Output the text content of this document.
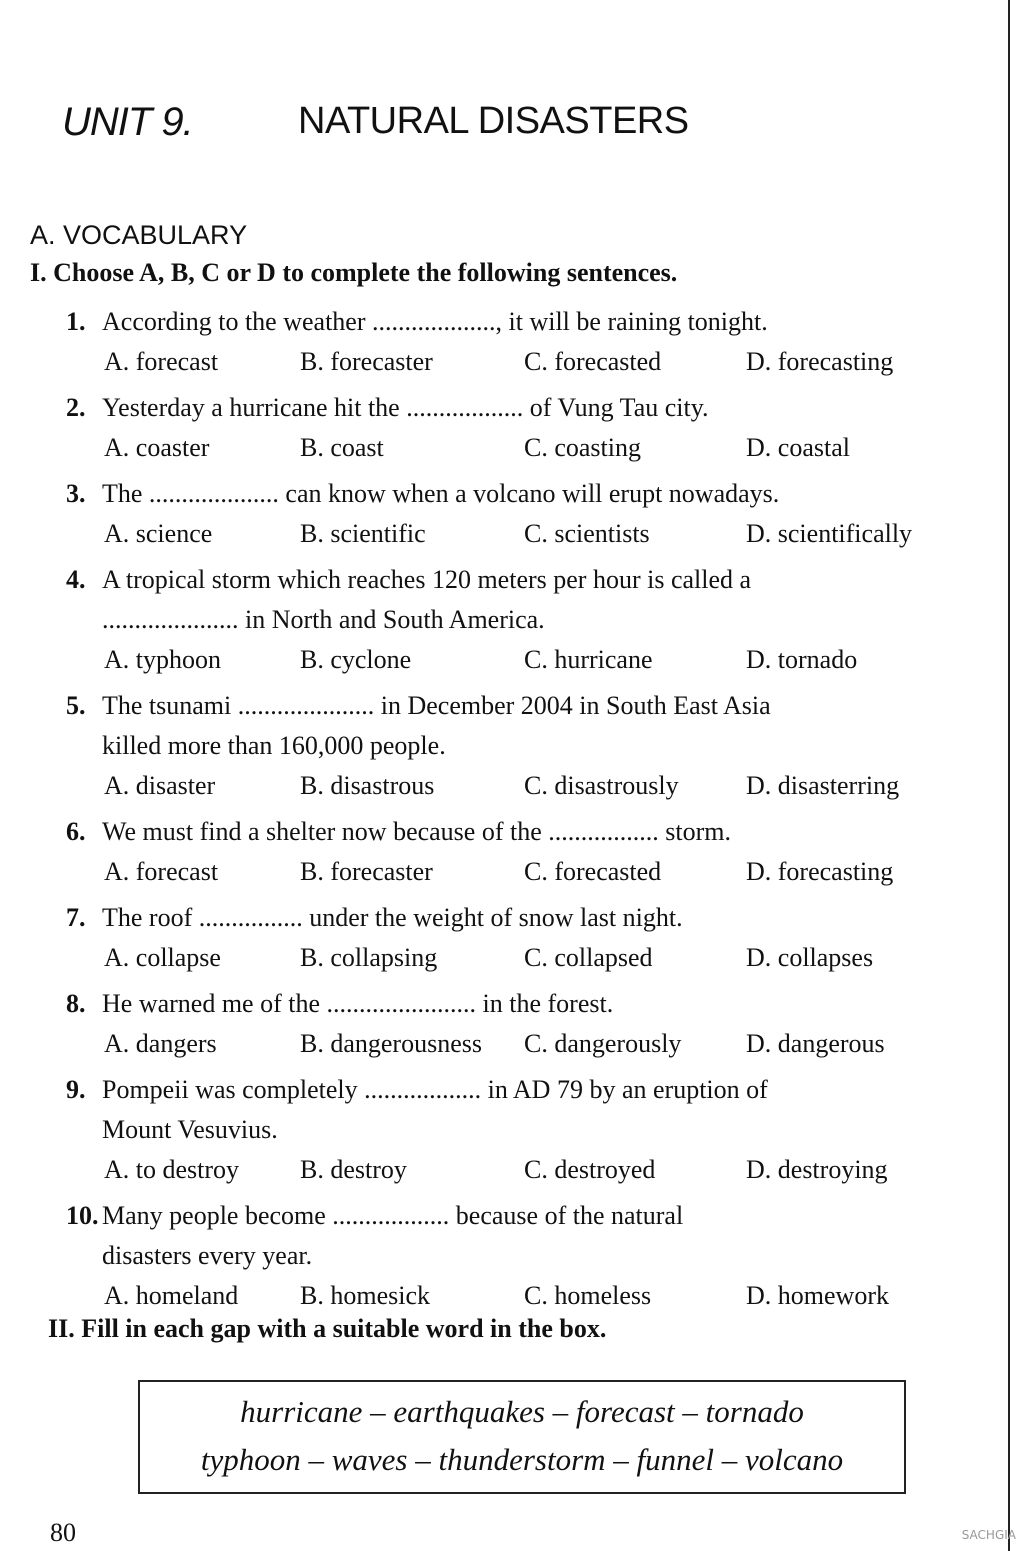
UNIT 9.	NATURAL DISASTERS
A. VOCABULARY
I. Choose A, B, C or D to complete the following sentences.
1. According to the weather ..................., it will be raining tonight.
A. forecast	B. forecaster	C. forecasted	D. forecasting
2. Yesterday a hurricane hit the .................. of Vung Tau city.
A. coaster	B. coast	C. coasting	D. coastal
3. The .................... can know when a volcano will erupt nowadays.
A. science	B. scientific	C. scientists	D. scientifically
4. A tropical storm which reaches 120 meters per hour is called a
..................... in North and South America.
A. typhoon	B. cyclone	C. hurricane	D. tornado
5. The tsunami ..................... in December 2004 in South East Asia
killed more than 160,000 people.
A. disaster	B. disastrous	C. disastrously	D. disasterring
6. We must find a shelter now because of the ................. storm.
A. forecast	B. forecaster	C. forecasted	D. forecasting
7. The roof ................ under the weight of snow last night.
A. collapse	B. collapsing	C. collapsed	D. collapses
8. He warned me of the ....................... in the forest.
A. dangers	B. dangerousness C. dangerously D. dangerous
9. Pompeii was completely .................. in AD 79 by an eruption of
Mount Vesuvius.
A. to destroy B. destroy	C. destroyed	D. destroying
10. Many people become .................. because of the natural
disasters every year.
A. homeland B. homesick	C. homeless	D. homework
II. Fill in each gap with a suitable word in the box.
hurricane – earthquakes – forecast – tornado
typhoon – waves – thunderstorm – funnel – volcano
80	SACHGIA
